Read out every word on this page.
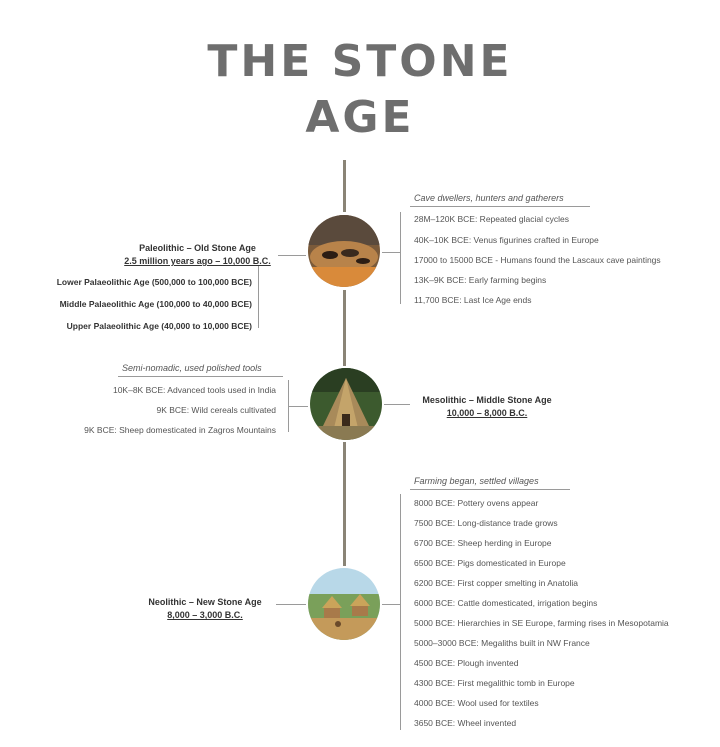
THE STONE
AGE
Paleolithic – Old Stone Age
2.5 million years ago – 10,000 B.C.
Lower Palaeolithic Age (500,000 to 100,000 BCE)
Middle Palaeolithic Age (100,000 to 40,000 BCE)
Upper Palaeolithic Age (40,000 to 10,000 BCE)
Cave dwellers, hunters and gatherers
28M–120K BCE: Repeated glacial cycles
40K–10K BCE: Venus figurines crafted in Europe
17000 to 15000 BCE - Humans found the Lascaux cave paintings
13K–9K BCE: Early farming begins
11,700 BCE: Last Ice Age ends
Semi-nomadic, used polished tools
10K–8K BCE: Advanced tools used in India
9K BCE: Wild cereals cultivated
9K BCE: Sheep domesticated in Zagros Mountains
Mesolithic – Middle Stone Age
10,000 – 8,000 B.C.
Neolithic – New Stone Age
8,000 – 3,000 B.C.
Farming began, settled villages
8000 BCE: Pottery ovens appear
7500 BCE: Long-distance trade grows
6700 BCE: Sheep herding in Europe
6500 BCE: Pigs domesticated in Europe
6200 BCE: First copper smelting in Anatolia
6000 BCE: Cattle domesticated, irrigation begins
5000 BCE: Hierarchies in SE Europe, farming rises in Mesopotamia
5000–3000 BCE: Megaliths built in NW France
4500 BCE: Plough invented
4300 BCE: First megalithic tomb in Europe
4000 BCE: Wool used for textiles
3650 BCE: Wheel invented
